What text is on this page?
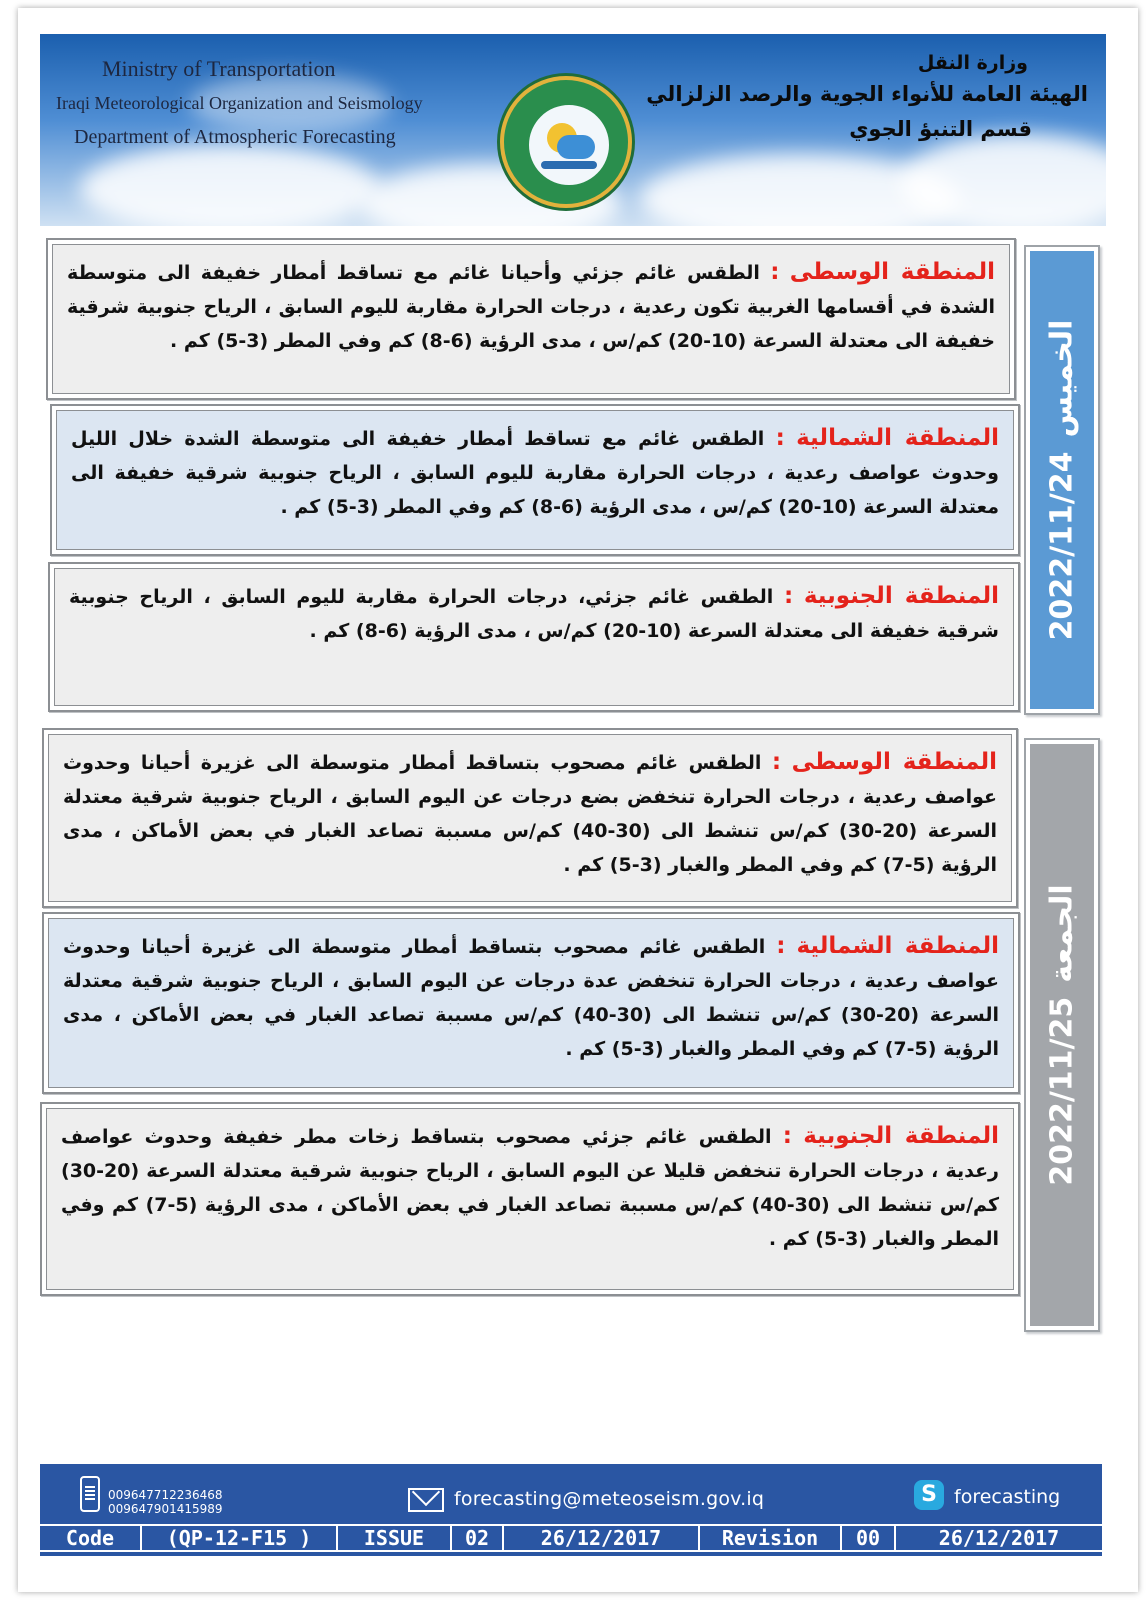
Ministry of Transportation
Iraqi Meteorological Organization and Seismology
Department of Atmospheric Forecasting
وزارة النقل
الهيئة العامة للأنواء الجوية والرصد الزلزالي
قسم التنبؤ الجوي
2022/11/24
الخميس

المنطقة الوسطى : الطقس غائم جزئي وأحيانا غائم مع تساقط أمطار خفيفة الى متوسطة الشدة في أقسامها الغربية تكون رعدية ، درجات الحرارة مقاربة لليوم السابق ، الرياح جنوبية شرقية خفيفة الى معتدلة السرعة (10-20) كم/س ، مدى الرؤية (6-8) كم وفي المطر (3-5) كم .

المنطقة الشمالية : الطقس غائم مع تساقط أمطار خفيفة الى متوسطة الشدة خلال الليل وحدوث عواصف رعدية ، درجات الحرارة مقاربة لليوم السابق ، الرياح جنوبية شرقية خفيفة الى معتدلة السرعة (10-20) كم/س ، مدى الرؤية (6-8) كم وفي المطر (3-5) كم .

المنطقة الجنوبية : الطقس غائم جزئي، درجات الحرارة مقاربة لليوم السابق ، الرياح جنوبية شرقية خفيفة الى معتدلة السرعة (10-20) كم/س ، مدى الرؤية (6-8) كم .

2022/11/25
الجمعة

المنطقة الوسطى : الطقس غائم مصحوب بتساقط أمطار متوسطة الى غزيرة أحيانا وحدوث عواصف رعدية ، درجات الحرارة تنخفض بضع درجات عن اليوم السابق ، الرياح جنوبية شرقية معتدلة السرعة (20-30) كم/س تنشط الى (30-40) كم/س مسببة تصاعد الغبار في بعض الأماكن ، مدى الرؤية (5-7) كم وفي المطر والغبار (3-5) كم .

المنطقة الشمالية : الطقس غائم مصحوب بتساقط أمطار متوسطة الى غزيرة أحيانا وحدوث عواصف رعدية ، درجات الحرارة تنخفض عدة درجات عن اليوم السابق ، الرياح جنوبية شرقية معتدلة السرعة (20-30) كم/س تنشط الى (30-40) كم/س مسببة تصاعد الغبار في بعض الأماكن ، مدى الرؤية (5-7) كم وفي المطر والغبار (3-5) كم .

المنطقة الجنوبية : الطقس غائم جزئي مصحوب بتساقط زخات مطر خفيفة وحدوث عواصف رعدية ، درجات الحرارة تنخفض قليلا عن اليوم السابق ، الرياح جنوبية شرقية معتدلة السرعة (20-30) كم/س تنشط الى (30-40) كم/س مسببة تصاعد الغبار في بعض الأماكن ، مدى الرؤية (5-7) كم وفي المطر والغبار (3-5) كم .

009647712236468
009647901415989	forecasting@meteoseism.gov.iq	S forecasting
Code	(QP-12-F15 )	ISSUE	02	26/12/2017	Revision	00	26/12/2017
